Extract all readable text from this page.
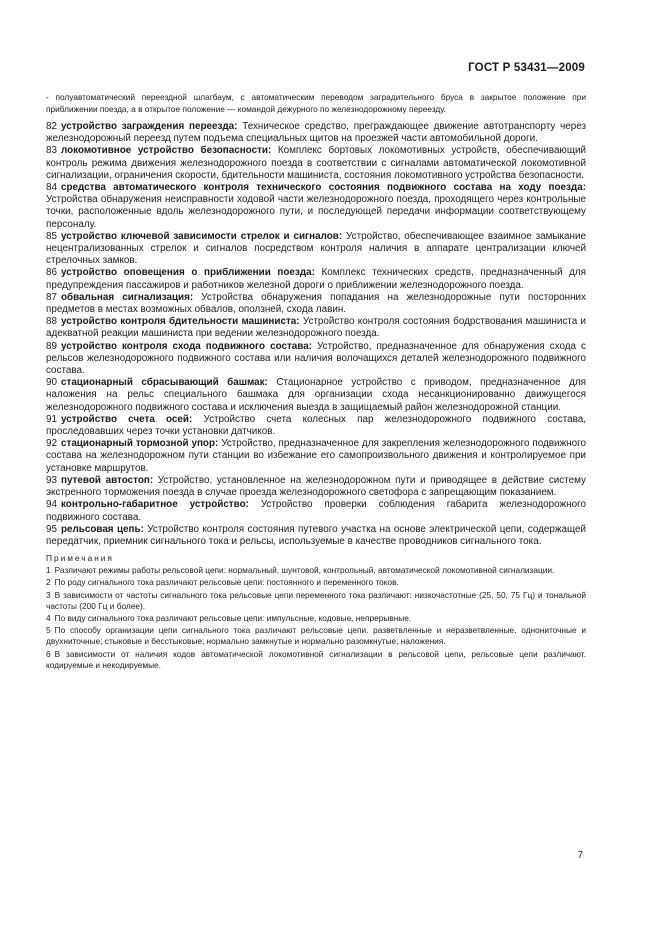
ГОСТ Р 53431—2009

- полуавтоматический переездной шлагбаум, с автоматическим переводом заградительного бруса в закрытое положение при приближении поезда, а в открытое положение — командой дежурного по железнодорожному переезду.

82 устройство заграждения переезда: Техническое средство, преграждающее движение автотранспорту через железнодорожный переезд путем подъема специальных щитов на проезжей части автомобильной дороги.

83 локомотивное устройство безопасности: Комплекс бортовых локомотивных устройств, обеспечивающий контроль режима движения железнодорожного поезда в соответствии с сигналами автоматической локомотивной сигнализации, ограничения скорости, бдительности машиниста, состояния локомотивного устройства безопасности.

84 средства автоматического контроля технического состояния подвижного состава на ходу поезда: Устройства обнаружения неисправности ходовой части железнодорожного поезда, проходящего через контрольные точки, расположенные вдоль железнодорожного пути, и последующей передачи информации соответствующему персоналу.

85 устройство ключевой зависимости стрелок и сигналов: Устройство, обеспечивающее взаимное замыкание нецентрализованных стрелок и сигналов посредством контроля наличия в аппарате централизации ключей стрелочных замков.

86 устройство оповещения о приближении поезда: Комплекс технических средств, предназначенный для предупреждения пассажиров и работников железной дороги о приближении железнодорожного поезда.

87 обвальная сигнализация: Устройства обнаружения попадания на железнодорожные пути посторонних предметов в местах возможных обвалов, оползней, схода лавин.

88 устройство контроля бдительности машиниста: Устройство контроля состояния бодрствования машиниста и адекватной реакции машиниста при ведении железнодорожного поезда.

89 устройство контроля схода подвижного состава: Устройство, предназначенное для обнаружения схода с рельсов железнодорожного подвижного состава или наличия волочащихся деталей железнодорожного подвижного состава.

90 стационарный сбрасывающий башмак: Стационарное устройство с приводом, предназначенное для наложения на рельс специального башмака для организации схода несанкционированно движущегося железнодорожного подвижного состава и исключения выезда в защищаемый район железнодорожной станции.

91 устройство счета осей: Устройство счета колесных пар железнодорожного подвижного состава, проследовавших через точки установки датчиков.

92 стационарный тормозной упор: Устройство, предназначенное для закрепления железнодорожного подвижного состава на железнодорожном пути станции во избежание его самопроизвольного движения и контролируемое при установке маршрутов.

93 путевой автостоп: Устройство, установленное на железнодорожном пути и приводящее в действие систему экстренного торможения поезда в случае проезда железнодорожного светофора с запрещающим показанием.

94 контрольно-габаритное устройство: Устройство проверки соблюдения габарита железнодорожного подвижного состава.

95 рельсовая цепь: Устройство контроля состояния путевого участка на основе электрической цепи, содержащей передатчик, приемник сигнального тока и рельсы, используемые в качестве проводников сигнального тока.

Примечания

1 Различают режимы работы рельсовой цепи: нормальный, шунтовой, контрольный, автоматической локомотивной сигнализации.

2 По роду сигнального тока различают рельсовые цепи: постоянного и переменного токов.

3 В зависимости от частоты сигнального тока рельсовые цепи переменного тока различают: низкочастотные (25, 50, 75 Гц) и тональной частоты (200 Гц и более).

4 По виду сигнального тока различают рельсовые цепи: импульсные, кодовые, непрерывные.

5 По способу организации цепи сигнального тока различают рельсовые цепи. разветвленные и неразветвленные, однониточные и двухниточные; стыковые и бесстыковые; нормально замкнутые и нормально разомкнутые; наложения.

6 В зависимости от наличия кодов автоматической локомотивной сигнализации в рельсовой цепи, рельсовые цепи различают. кодируемые и некодируемые.

7
